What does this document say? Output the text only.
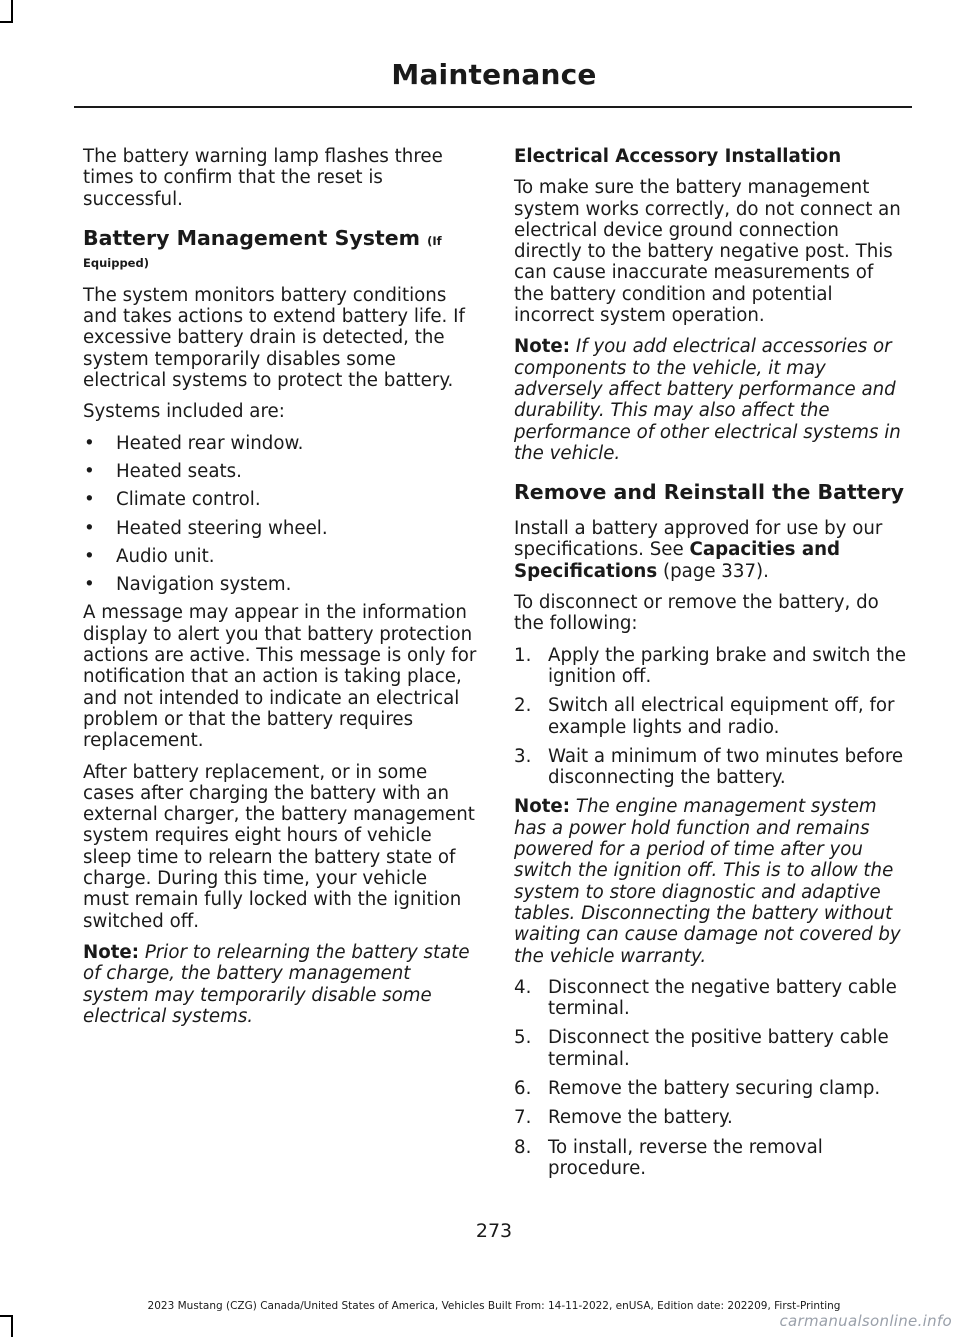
Maintenance

The battery warning lamp flashes three times to confirm that the reset is successful.

Battery Management System (If
Equipped)

The system monitors battery conditions and takes actions to extend battery life. If excessive battery drain is detected, the system temporarily disables some electrical systems to protect the battery.

Systems included are:

• Heated rear window.
• Heated seats.
• Climate control.
• Heated steering wheel.
• Audio unit.
• Navigation system.

A message may appear in the information display to alert you that battery protection actions are active. This message is only for notification that an action is taking place, and not intended to indicate an electrical problem or that the battery requires replacement.

After battery replacement, or in some cases after charging the battery with an external charger, the battery management system requires eight hours of vehicle sleep time to relearn the battery state of charge. During this time, your vehicle must remain fully locked with the ignition switched off.

Note: Prior to relearning the battery state of charge, the battery management system may temporarily disable some electrical systems.

Electrical Accessory Installation

To make sure the battery management system works correctly, do not connect an electrical device ground connection directly to the battery negative post. This can cause inaccurate measurements of the battery condition and potential incorrect system operation.

Note: If you add electrical accessories or components to the vehicle, it may adversely affect battery performance and durability. This may also affect the performance of other electrical systems in the vehicle.

Remove and Reinstall the Battery

Install a battery approved for use by our specifications. See Capacities and Specifications (page 337).

To disconnect or remove the battery, do the following:

1. Apply the parking brake and switch the ignition off.
2. Switch all electrical equipment off, for example lights and radio.
3. Wait a minimum of two minutes before disconnecting the battery.

Note: The engine management system has a power hold function and remains powered for a period of time after you switch the ignition off. This is to allow the system to store diagnostic and adaptive tables. Disconnecting the battery without waiting can cause damage not covered by the vehicle warranty.

4. Disconnect the negative battery cable terminal.
5. Disconnect the positive battery cable terminal.
6. Remove the battery securing clamp.
7. Remove the battery.
8. To install, reverse the removal procedure.
273
2023 Mustang (CZG) Canada/United States of America, Vehicles Built From: 14-11-2022, enUSA, Edition date: 202209, First-Printing
carmanualsonline.info
